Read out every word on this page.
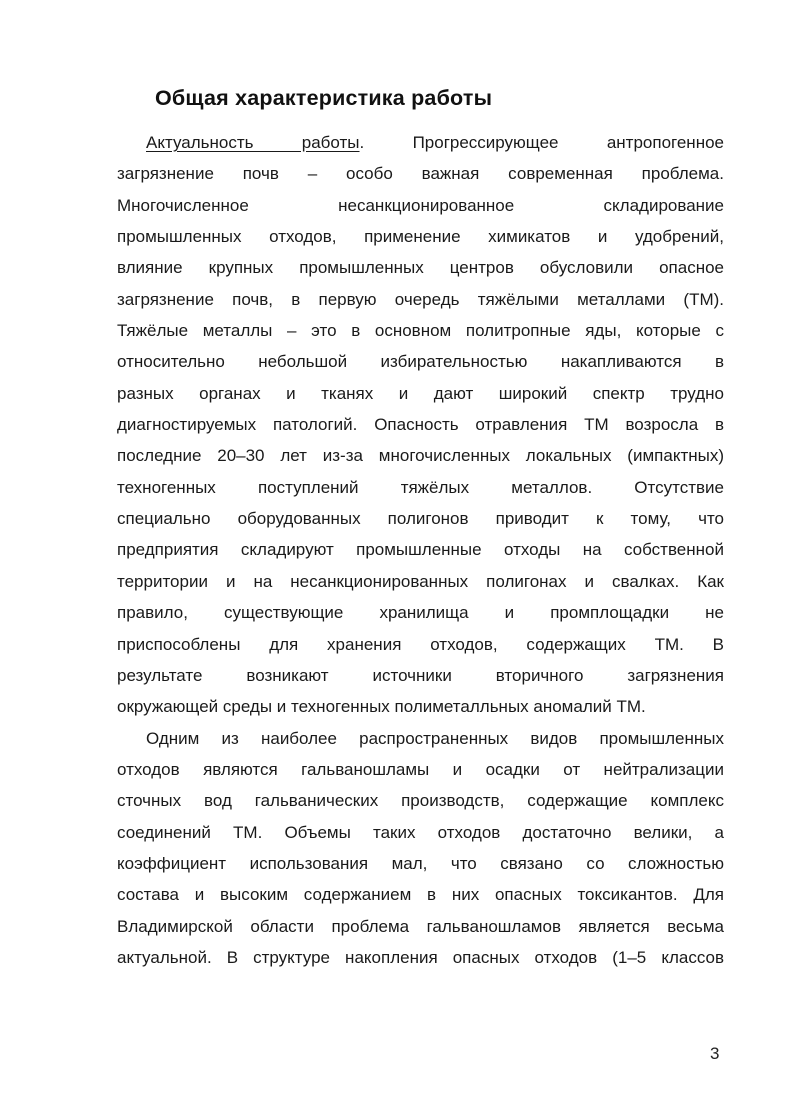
Общая характеристика работы
Актуальность работы.	Прогрессирующее антропогенное
загрязнение почв – особо важная современная проблема.
Многочисленное несанкционированное складирование
промышленных отходов, применение химикатов и удобрений,
влияние крупных промышленных центров обусловили опасное
загрязнение почв, в первую очередь тяжёлыми металлами (ТМ).
Тяжёлые металлы – это в основном политропные яды, которые с
относительно небольшой избирательностью накапливаются в
разных органах и тканях и дают широкий спектр трудно
диагностируемых патологий. Опасность отравления ТМ возросла в
последние 20–30 лет из-за многочисленных локальных (импактных)
техногенных поступлений тяжёлых металлов. Отсутствие
специально оборудованных полигонов приводит к тому, что
предприятия складируют промышленные отходы на собственной
территории и на несанкционированных полигонах и свалках. Как
правило, существующие хранилища и промплощадки не
приспособлены для хранения отходов, содержащих ТМ. В
результате возникают источники вторичного загрязнения
окружающей среды и техногенных полиметалльных аномалий ТМ.
Одним из наиболее распространенных видов промышленных
отходов являются гальваношламы и осадки от нейтрализации
сточных вод гальванических производств, содержащие комплекс
соединений ТМ. Объемы таких отходов достаточно велики, а
коэффициент использования мал, что связано со сложностью
состава и высоким содержанием в них опасных токсикантов. Для
Владимирской области проблема гальваношламов является весьма
актуальной. В структуре накопления опасных отходов (1–5 классов
3
